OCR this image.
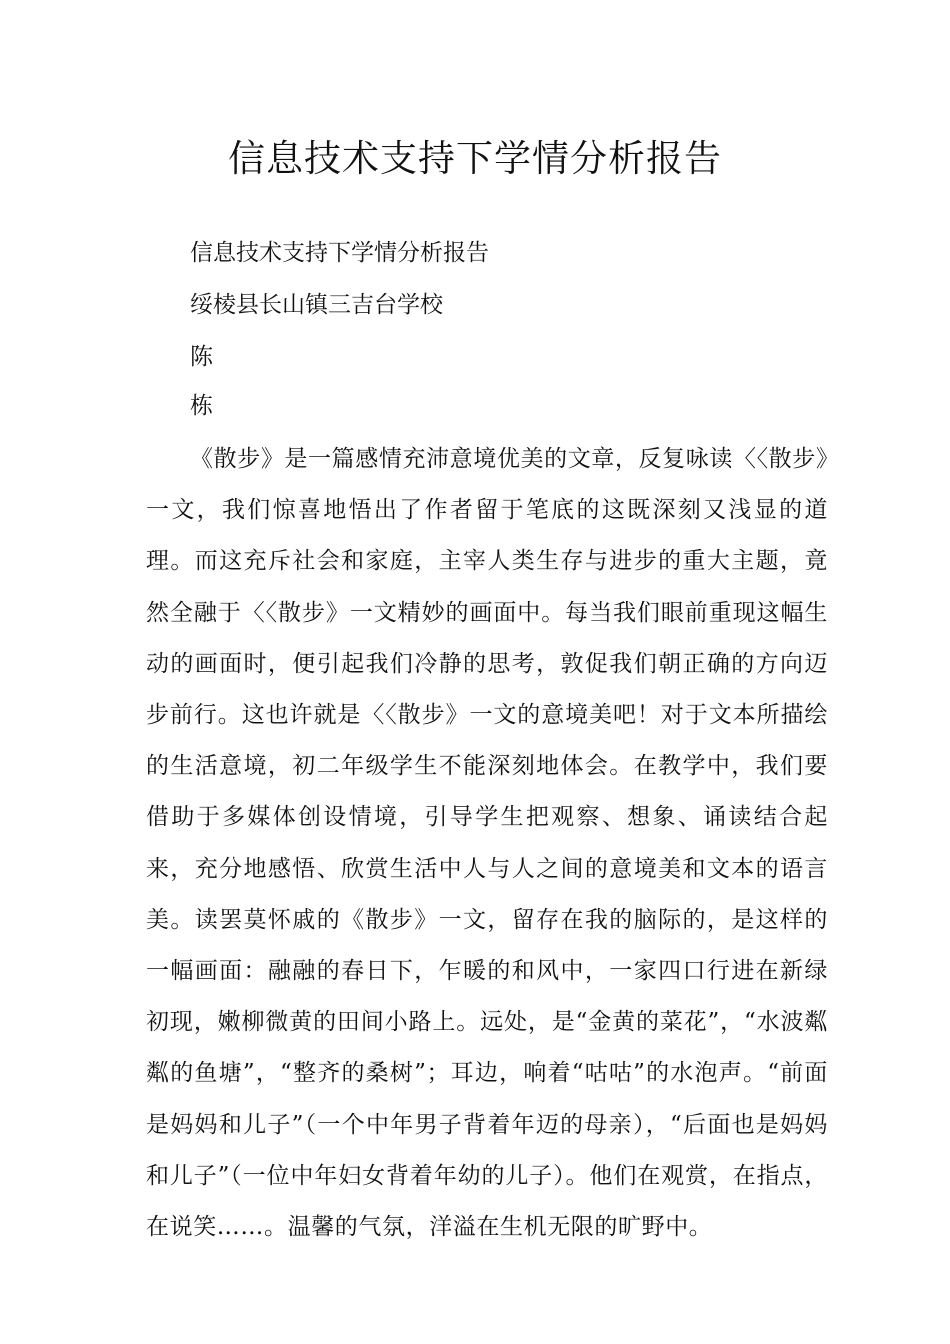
信息技术支持下学情分析报告

信息技术支持下学情分析报告

绥棱县长山镇三吉台学校

陈

栋

《散步》是一篇感情充沛意境优美的文章，反复咏读〈〈散步》一文，我们惊喜地悟出了作者留于笔底的这既深刻又浅显的道理。而这充斥社会和家庭，主宰人类生存与进步的重大主题，竟然全融于〈〈散步》一文精妙的画面中。每当我们眼前重现这幅生动的画面时，便引起我们冷静的思考，敦促我们朝正确的方向迈步前行。这也许就是〈〈散步》一文的意境美吧！对于文本所描绘的生活意境，初二年级学生不能深刻地体会。在教学中，我们要借助于多媒体创设情境，引导学生把观察、想象、诵读结合起来，充分地感悟、欣赏生活中人与人之间的意境美和文本的语言美。读罢莫怀戚的《散步》一文，留存在我的脑际的，是这样的一幅画面：融融的春日下，乍暖的和风中，一家四口行进在新绿初现，嫩柳微黄的田间小路上。远处，是“金黄的菜花”，“水波粼粼的鱼塘”，“整齐的桑树”；耳边，响着“咕咕”的水泡声。“前面是妈妈和儿子”（一个中年男子背着年迈的母亲），“后面也是妈妈和儿子”（一位中年妇女背着年幼的儿子）。他们在观赏，在指点，在说笑……。温馨的气氛，洋溢在生机无限的旷野中。
